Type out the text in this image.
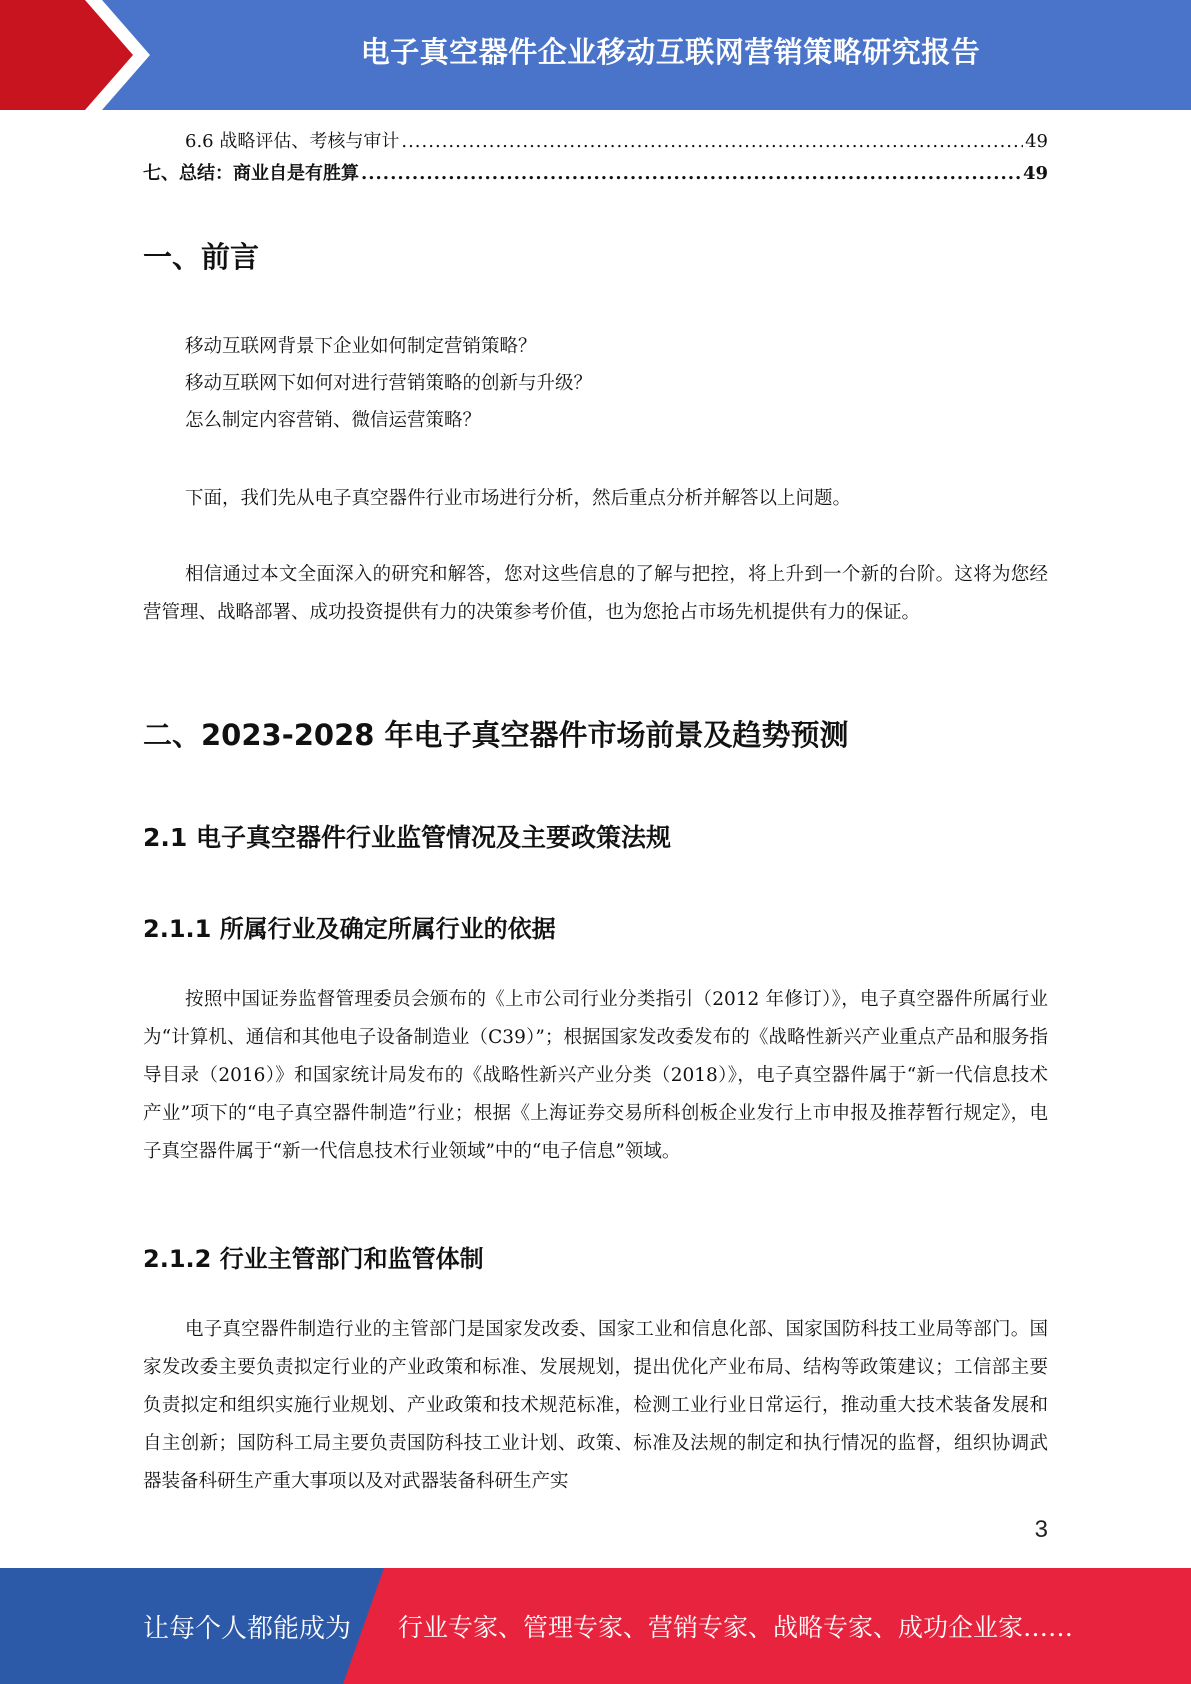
电子真空器件企业移动互联网营销策略研究报告
6.6 战略评估、考核与审计 .....	49
七、总结：商业自是有胜算 .....	49
一、前言
移动互联网背景下企业如何制定营销策略？
移动互联网下如何对进行营销策略的创新与升级？
怎么制定内容营销、微信运营策略？
下面，我们先从电子真空器件行业市场进行分析，然后重点分析并解答以上问题。
相信通过本文全面深入的研究和解答，您对这些信息的了解与把控，将上升到一个新的台阶。这将为您经营管理、战略部署、成功投资提供有力的决策参考价值，也为您抢占市场先机提供有力的保证。
二、2023-2028 年电子真空器件市场前景及趋势预测
2.1 电子真空器件行业监管情况及主要政策法规
2.1.1 所属行业及确定所属行业的依据
按照中国证券监督管理委员会颁布的《上市公司行业分类指引（2012 年修订）》，电子真空器件所属行业为“计算机、通信和其他电子设备制造业（C39）”；根据国家发改委发布的《战略性新兴产业重点产品和服务指导目录（2016）》和国家统计局发布的《战略性新兴产业分类（2018）》，电子真空器件属于“新一代信息技术产业”项下的“电子真空器件制造”行业；根据《上海证券交易所科创板企业发行上市申报及推荐暂行规定》，电子真空器件属于“新一代信息技术行业领域”中的“电子信息”领域。
2.1.2 行业主管部门和监管体制
电子真空器件制造行业的主管部门是国家发改委、国家工业和信息化部、国家国防科技工业局等部门。国家发改委主要负责拟定行业的产业政策和标准、发展规划，提出优化产业布局、结构等政策建议；工信部主要负责拟定和组织实施行业规划、产业政策和技术规范标准，检测工业行业日常运行，推动重大技术装备发展和自主创新；国防科工局主要负责国防科技工业计划、政策、标准及法规的制定和执行情况的监督，组织协调武器装备科研生产重大事项以及对武器装备科研生产实
3
让每个人都能成为 行业专家、管理专家、营销专家、战略专家、成功企业家……
